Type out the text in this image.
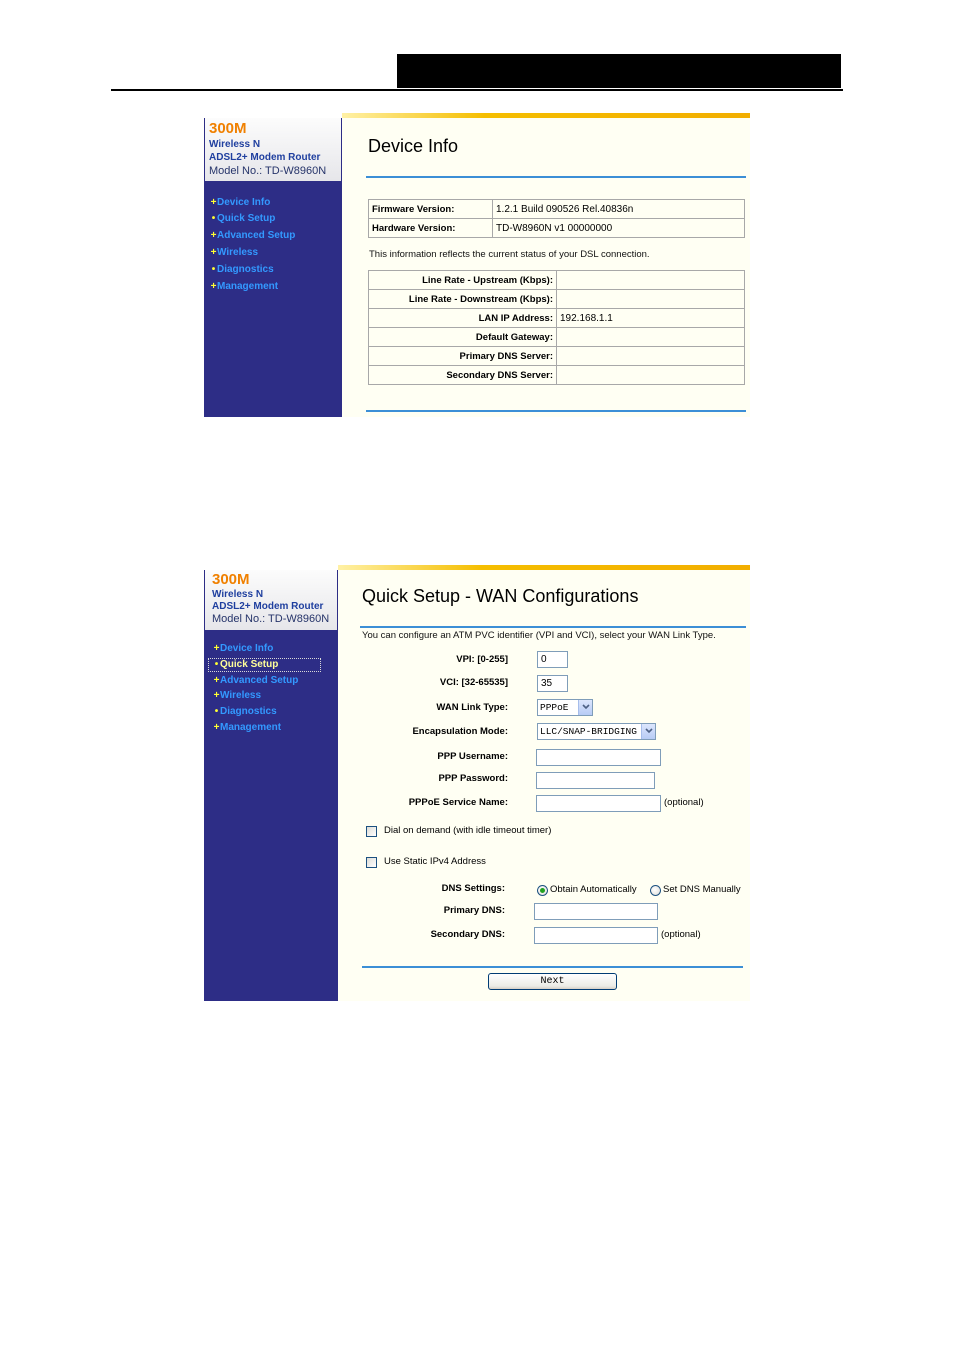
300M
Wireless N
ADSL2+ Modem Router
Model No.: TD-W8960N
+Device Info
• Quick Setup
+Advanced Setup
+Wireless
• Diagnostics
+Management
Device Info
Firmware Version:	1.2.1 Build 090526 Rel.40836n
Hardware Version:	TD-W8960N v1 00000000
This information reflects the current status of your DSL connection.
Line Rate - Upstream (Kbps):	
Line Rate - Downstream (Kbps):	
LAN IP Address:	192.168.1.1
Default Gateway:	
Primary DNS Server:	
Secondary DNS Server:	
300M
Wireless N
ADSL2+ Modem Router
Model No.: TD-W8960N
+Device Info
• Quick Setup
+Advanced Setup
+Wireless
• Diagnostics
+Management
Quick Setup - WAN Configurations
You can configure an ATM PVC identifier (VPI and VCI), select your WAN Link Type.
VPI: [0-255]
0
VCI: [32-65535]
35
WAN Link Type:	PPPoE
Encapsulation Mode:	LLC/SNAP-BRIDGING
PPP Username:
PPP Password:
PPPoE Service Name:	(optional)
Dial on demand (with idle timeout timer)
Use Static IPv4 Address
DNS Settings:	Obtain Automatically	Set DNS Manually
Primary DNS:
Secondary DNS:	(optional)
Next
